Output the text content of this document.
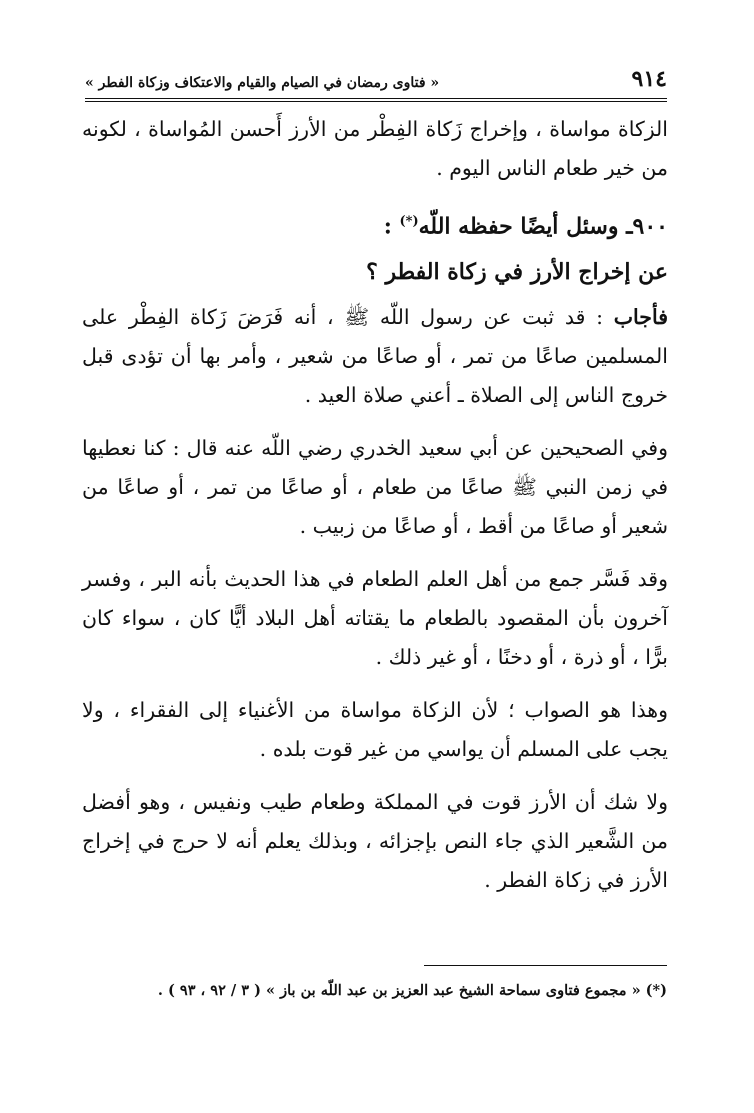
٩١٤
« فتاوى رمضان في الصيام والقيام والاعتكاف وزكاة الفطر »

الزكاة مواساة ، وإخراج زَكاة الفِطْر من الأرز أَحسن المُواساة ، لكونه من خير طعام الناس اليوم .

٩٠٠ـ وسئل أيضًا حفظه اللّه(*) :

عن إخراج الأرز في زكاة الفطر ؟

فأجاب : قد ثبت عن رسول اللّه ﷺ ، أنه فَرَضَ زَكاة الفِطْر على المسلمين صاعًا من تمر ، أو صاعًا من شعير ، وأمر بها أن تؤدى قبل خروج الناس إلى الصلاة ـ أعني صلاة العيد .

وفي الصحيحين عن أبي سعيد الخدري رضي اللّه عنه قال : كنا نعطيها في زمن النبي ﷺ صاعًا من طعام ، أو صاعًا من تمر ، أو صاعًا من شعير أو صاعًا من أقط ، أو صاعًا من زبيب .

وقد فَسَّر جمع من أهل العلم الطعام في هذا الحديث بأنه البر ، وفسر آخرون بأن المقصود بالطعام ما يقتاته أهل البلاد أيًّا كان ، سواء كان برًّا ، أو ذرة ، أو دخنًا ، أو غير ذلك .

وهذا هو الصواب ؛ لأن الزكاة مواساة من الأغنياء إلى الفقراء ، ولا يجب على المسلم أن يواسي من غير قوت بلده .

ولا شك أن الأرز قوت في المملكة وطعام طيب ونفيس ، وهو أفضل من الشَّعير الذي جاء النص بإجزائه ، وبذلك يعلم أنه لا حرج في إخراج الأرز في زكاة الفطر .

(*) « مجموع فتاوى سماحة الشيخ عبد العزيز بن عبد اللّه بن باز » ( ٣ / ٩٢ ، ٩٣ ) .
